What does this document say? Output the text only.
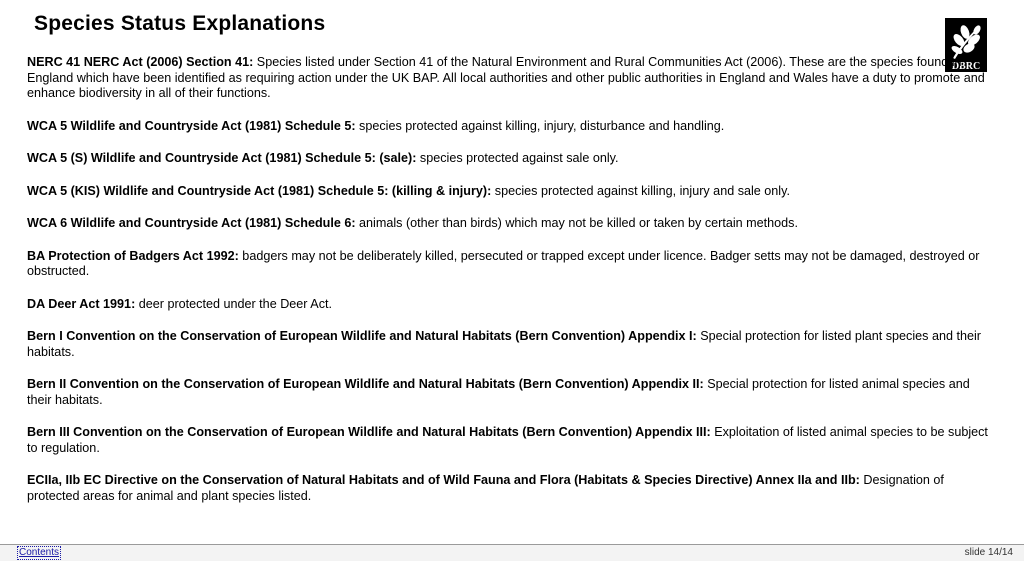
Species Status Explanations
DBRC
NERC 41 NERC Act (2006) Section 41: Species listed under Section 41 of the Natural Environment and Rural Communities Act (2006). These are the species found in England which have been identified as requiring action under the UK BAP. All local authorities and other public authorities in England and Wales have a duty to promote and enhance biodiversity in all of their functions.
WCA 5 Wildlife and Countryside Act (1981) Schedule 5: species protected against killing, injury, disturbance and handling.
WCA 5 (S) Wildlife and Countryside Act (1981) Schedule 5: (sale): species protected against sale only.
WCA 5 (KIS) Wildlife and Countryside Act (1981) Schedule 5: (killing & injury): species protected against killing, injury and sale only.
WCA 6 Wildlife and Countryside Act (1981) Schedule 6: animals (other than birds) which may not be killed or taken by certain methods.
BA Protection of Badgers Act 1992: badgers may not be deliberately killed, persecuted or trapped except under licence. Badger setts may not be damaged, destroyed or obstructed.
DA Deer Act 1991: deer protected under the Deer Act.
Bern I Convention on the Conservation of European Wildlife and Natural Habitats (Bern Convention) Appendix I: Special protection for listed plant species and their habitats.
Bern II Convention on the Conservation of European Wildlife and Natural Habitats (Bern Convention) Appendix II: Special protection for listed animal species and their habitats.
Bern III Convention on the Conservation of European Wildlife and Natural Habitats (Bern Convention) Appendix III: Exploitation of listed animal species to be subject to regulation.
ECIIa, IIb EC Directive on the Conservation of Natural Habitats and of Wild Fauna and Flora (Habitats & Species Directive) Annex IIa and IIb: Designation of protected areas for animal and plant species listed.
Contents	slide 14/14
